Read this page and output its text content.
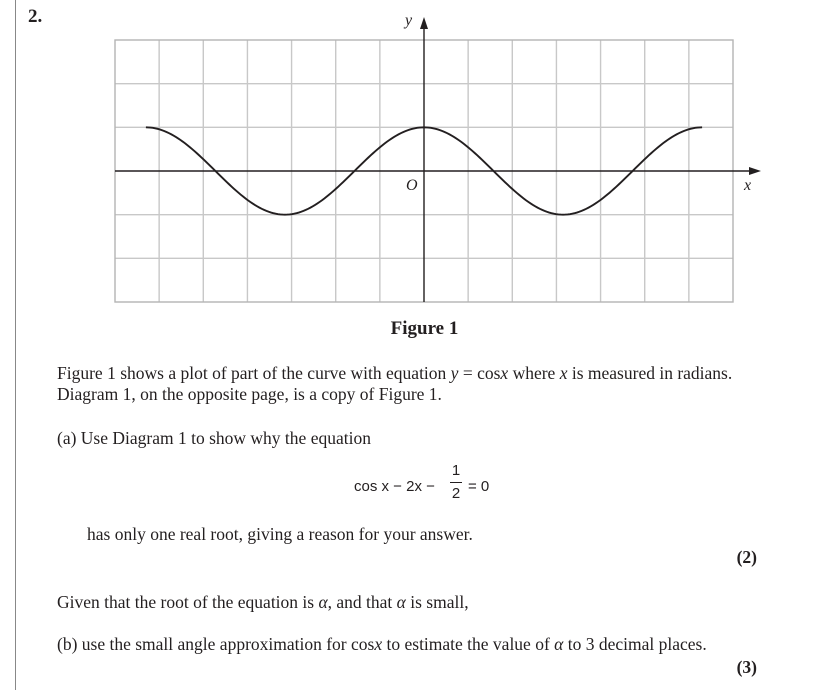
2.
x
y
O
Figure 1
Figure 1 shows a plot of part of the curve with equation y = cosx where x is measured in radians.
Diagram 1, on the opposite page, is a copy of Figure 1.
(a) Use Diagram 1 to show why the equation
cos x − 2x −
1
2 = 0
has only one real root, giving a reason for your answer.
(2)
Given that the root of the equation is α, and that α is small,
(b) use the small angle approximation for cosx to estimate the value of α to 3 decimal places.
(3)
